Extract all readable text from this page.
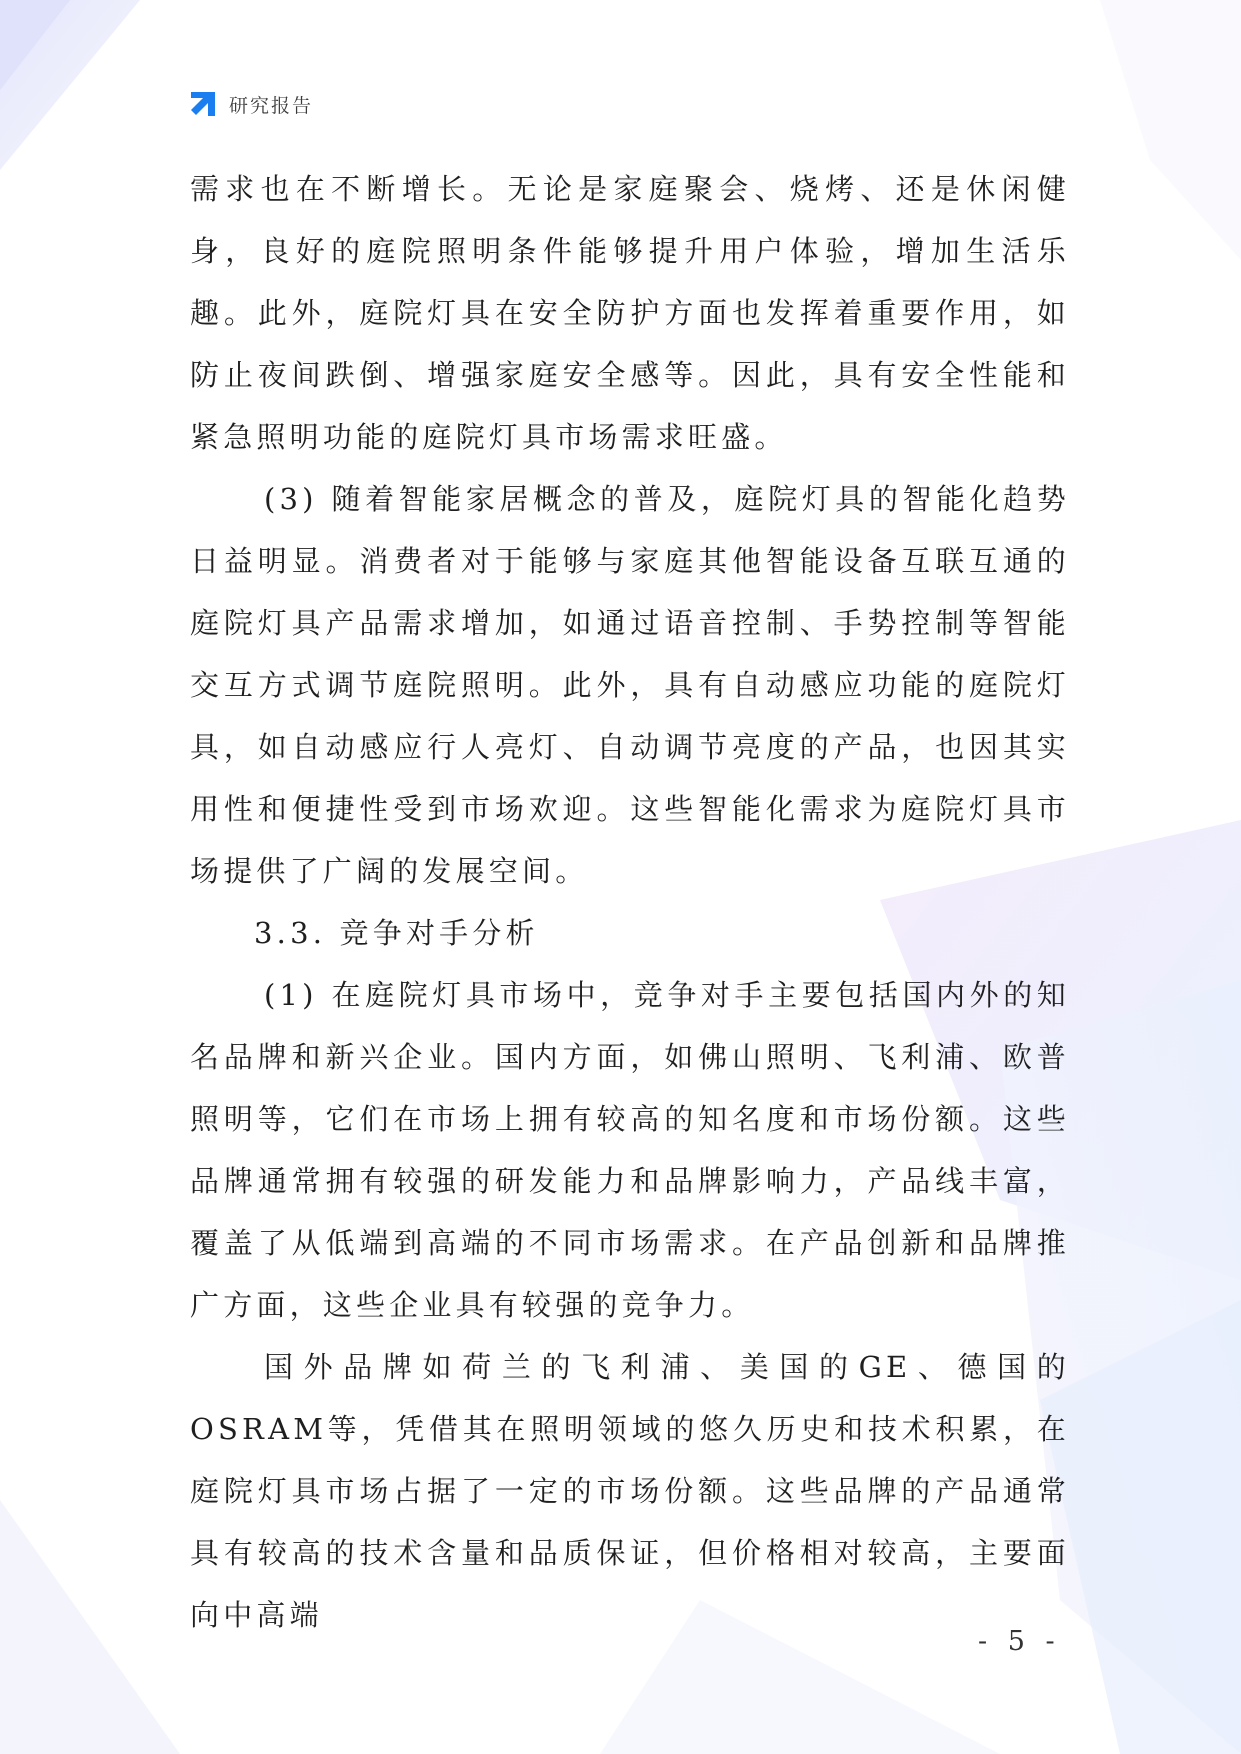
研究报告

需求也在不断增长。无论是家庭聚会、烧烤、还是休闲健身，良好的庭院照明条件能够提升用户体验，增加生活乐趣。此外，庭院灯具在安全防护方面也发挥着重要作用，如防止夜间跌倒、增强家庭安全感等。因此，具有安全性能和紧急照明功能的庭院灯具市场需求旺盛。

(3) 随着智能家居概念的普及，庭院灯具的智能化趋势日益明显。消费者对于能够与家庭其他智能设备互联互通的庭院灯具产品需求增加，如通过语音控制、手势控制等智能交互方式调节庭院照明。此外，具有自动感应功能的庭院灯具，如自动感应行人亮灯、自动调节亮度的产品，也因其实用性和便捷性受到市场欢迎。这些智能化需求为庭院灯具市场提供了广阔的发展空间。

3.3. 竞争对手分析

(1) 在庭院灯具市场中，竞争对手主要包括国内外的知名品牌和新兴企业。国内方面，如佛山照明、飞利浦、欧普照明等，它们在市场上拥有较高的知名度和市场份额。这些品牌通常拥有较强的研发能力和品牌影响力，产品线丰富，覆盖了从低端到高端的不同市场需求。在产品创新和品牌推广方面，这些企业具有较强的竞争力。

国外品牌如荷兰的飞利浦、美国的GE、德国的OSRAM等，凭借其在照明领域的悠久历史和技术积累，在庭院灯具市场占据了一定的市场份额。这些品牌的产品通常具有较高的技术含量和品质保证，但价格相对较高，主要面向中高端

- 5 -
